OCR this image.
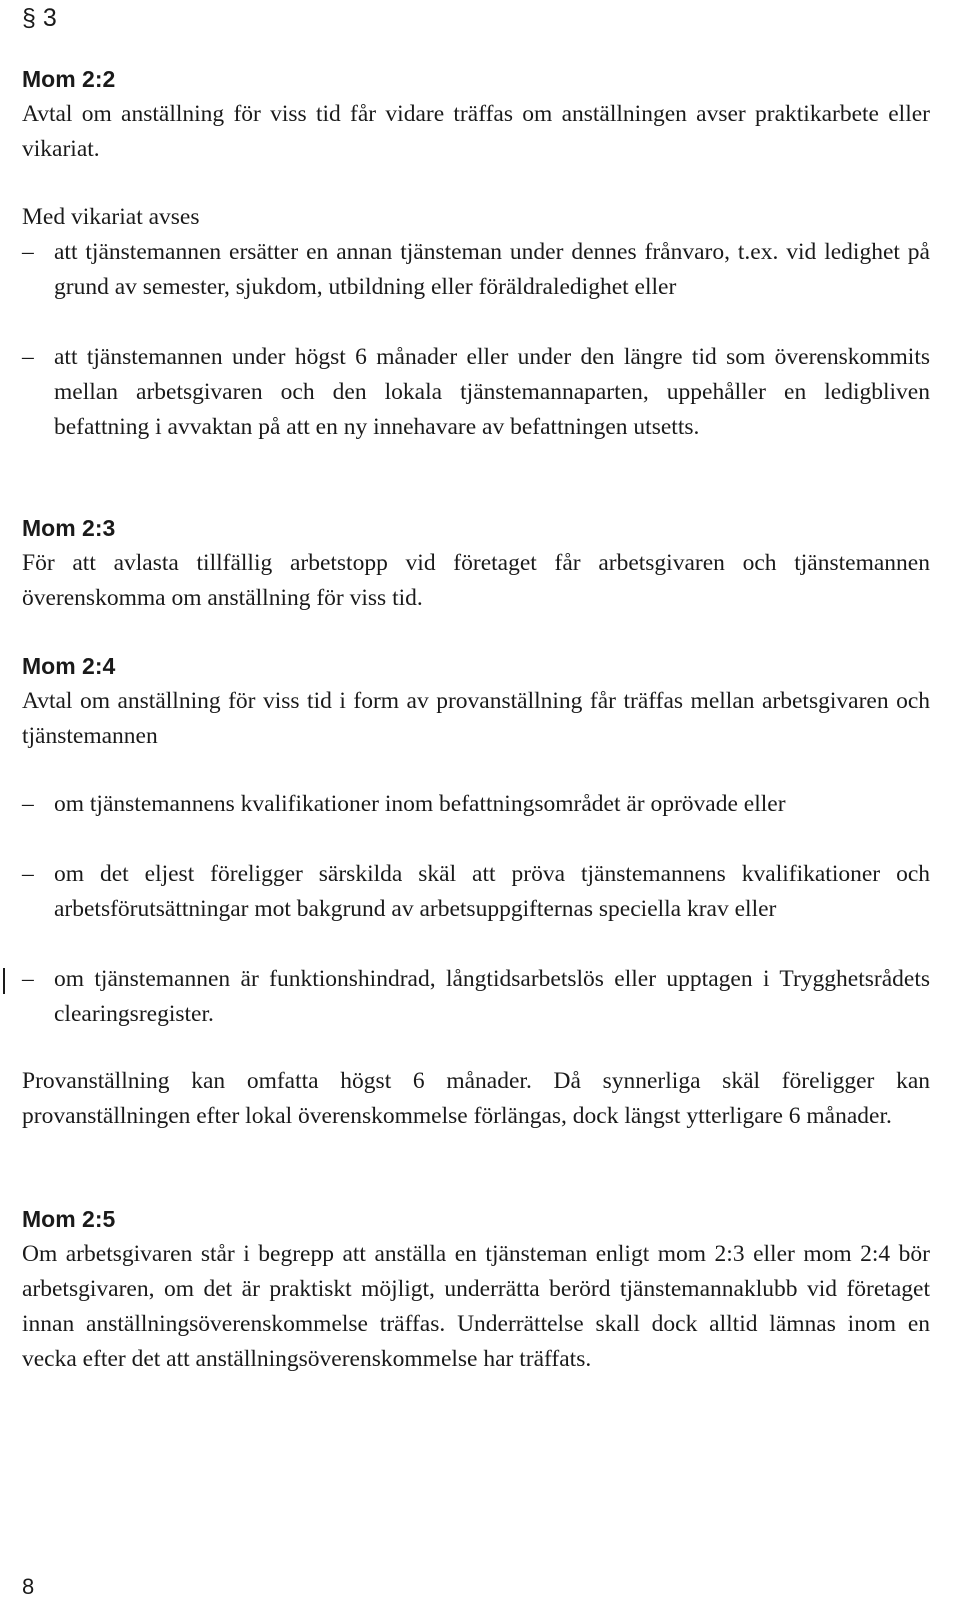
§ 3

Mom 2:2

Avtal om anställning för viss tid får vidare träffas om anställningen avser praktikarbete eller vikariat.

Med vikariat avses

– att tjänstemannen ersätter en annan tjänsteman under dennes frånvaro, t.ex. vid ledighet på grund av semester, sjukdom, utbildning eller föräldraledighet eller
– att tjänstemannen under högst 6 månader eller under den längre tid som överenskommits mellan arbetsgivaren och den lokala tjänstemannaparten, uppehåller en ledigbliven befattning i avvaktan på att en ny innehavare av befattningen utsetts.
Mom 2:3

För att avlasta tillfällig arbetstopp vid företaget får arbetsgivaren och tjänstemannen överenskomma om anställning för viss tid.

Mom 2:4

Avtal om anställning för viss tid i form av provanställning får träffas mellan arbetsgivaren och tjänstemannen

– om tjänstemannens kvalifikationer inom befattningsområdet är oprövade eller
– om det eljest föreligger särskilda skäl att pröva tjänstemannens kvalifikationer och arbetsförutsättningar mot bakgrund av arbetsuppgifternas speciella krav eller
– om tjänstemannen är funktionshindrad, långtidsarbetslös eller upptagen i Trygghetsrådets clearingsregister.

Provanställning kan omfatta högst 6 månader. Då synnerliga skäl föreligger kan provanställningen efter lokal överenskommelse förlängas, dock längst ytterligare 6 månader.

Mom 2:5

Om arbetsgivaren står i begrepp att anställa en tjänsteman enligt mom 2:3 eller mom 2:4 bör arbetsgivaren, om det är praktiskt möjligt, underrätta berörd tjänstemannaklubb vid företaget innan anställningsöverenskommelse träffas. Underrättelse skall dock alltid lämnas inom en vecka efter det att anställningsöverenskommelse har träffats.

8
